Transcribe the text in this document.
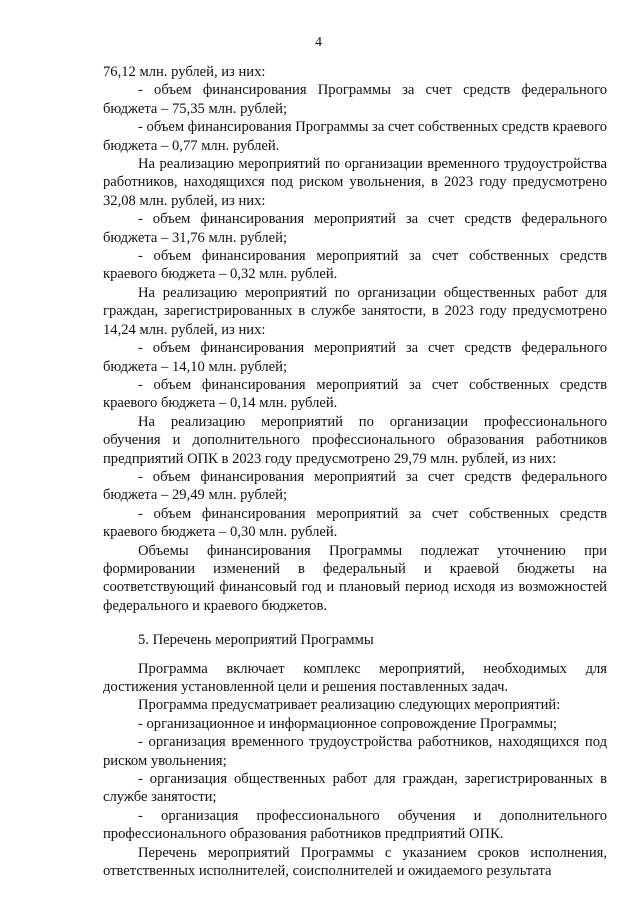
4

76,12 млн. рублей, из них:

- объем финансирования Программы за счет средств федерального бюджета – 75,35 млн. рублей;

- объем финансирования Программы за счет собственных средств краевого бюджета – 0,77 млн. рублей.

На реализацию мероприятий по организации временного трудоустройства работников, находящихся под риском увольнения, в 2023 году предусмотрено 32,08 млн. рублей, из них:

- объем финансирования мероприятий за счет средств федерального бюджета – 31,76 млн. рублей;

- объем финансирования мероприятий за счет собственных средств краевого бюджета – 0,32 млн. рублей.

На реализацию мероприятий по организации общественных работ для граждан, зарегистрированных в службе занятости, в 2023 году предусмотрено 14,24 млн. рублей, из них:

- объем финансирования мероприятий за счет средств федерального бюджета – 14,10 млн. рублей;

- объем финансирования мероприятий за счет собственных средств краевого бюджета – 0,14 млн. рублей.

На реализацию мероприятий по организации профессионального обучения и дополнительного профессионального образования работников предприятий ОПК в 2023 году предусмотрено 29,79 млн. рублей, из них:

- объем финансирования мероприятий за счет средств федерального бюджета – 29,49 млн. рублей;

- объем финансирования мероприятий за счет собственных средств краевого бюджета – 0,30 млн. рублей.

Объемы финансирования Программы подлежат уточнению при формировании изменений в федеральный и краевой бюджеты на соответствующий финансовый год и плановый период исходя из возможностей федерального и краевого бюджетов.

5. Перечень мероприятий Программы

Программа включает комплекс мероприятий, необходимых для достижения установленной цели и решения поставленных задач.

Программа предусматривает реализацию следующих мероприятий:

- организационное и информационное сопровождение Программы;

- организация временного трудоустройства работников, находящихся под риском увольнения;

- организация общественных работ для граждан, зарегистрированных в службе занятости;

- организация профессионального обучения и дополнительного профессионального образования работников предприятий ОПК.

Перечень мероприятий Программы с указанием сроков исполнения, ответственных исполнителей, соисполнителей и ожидаемого результата
